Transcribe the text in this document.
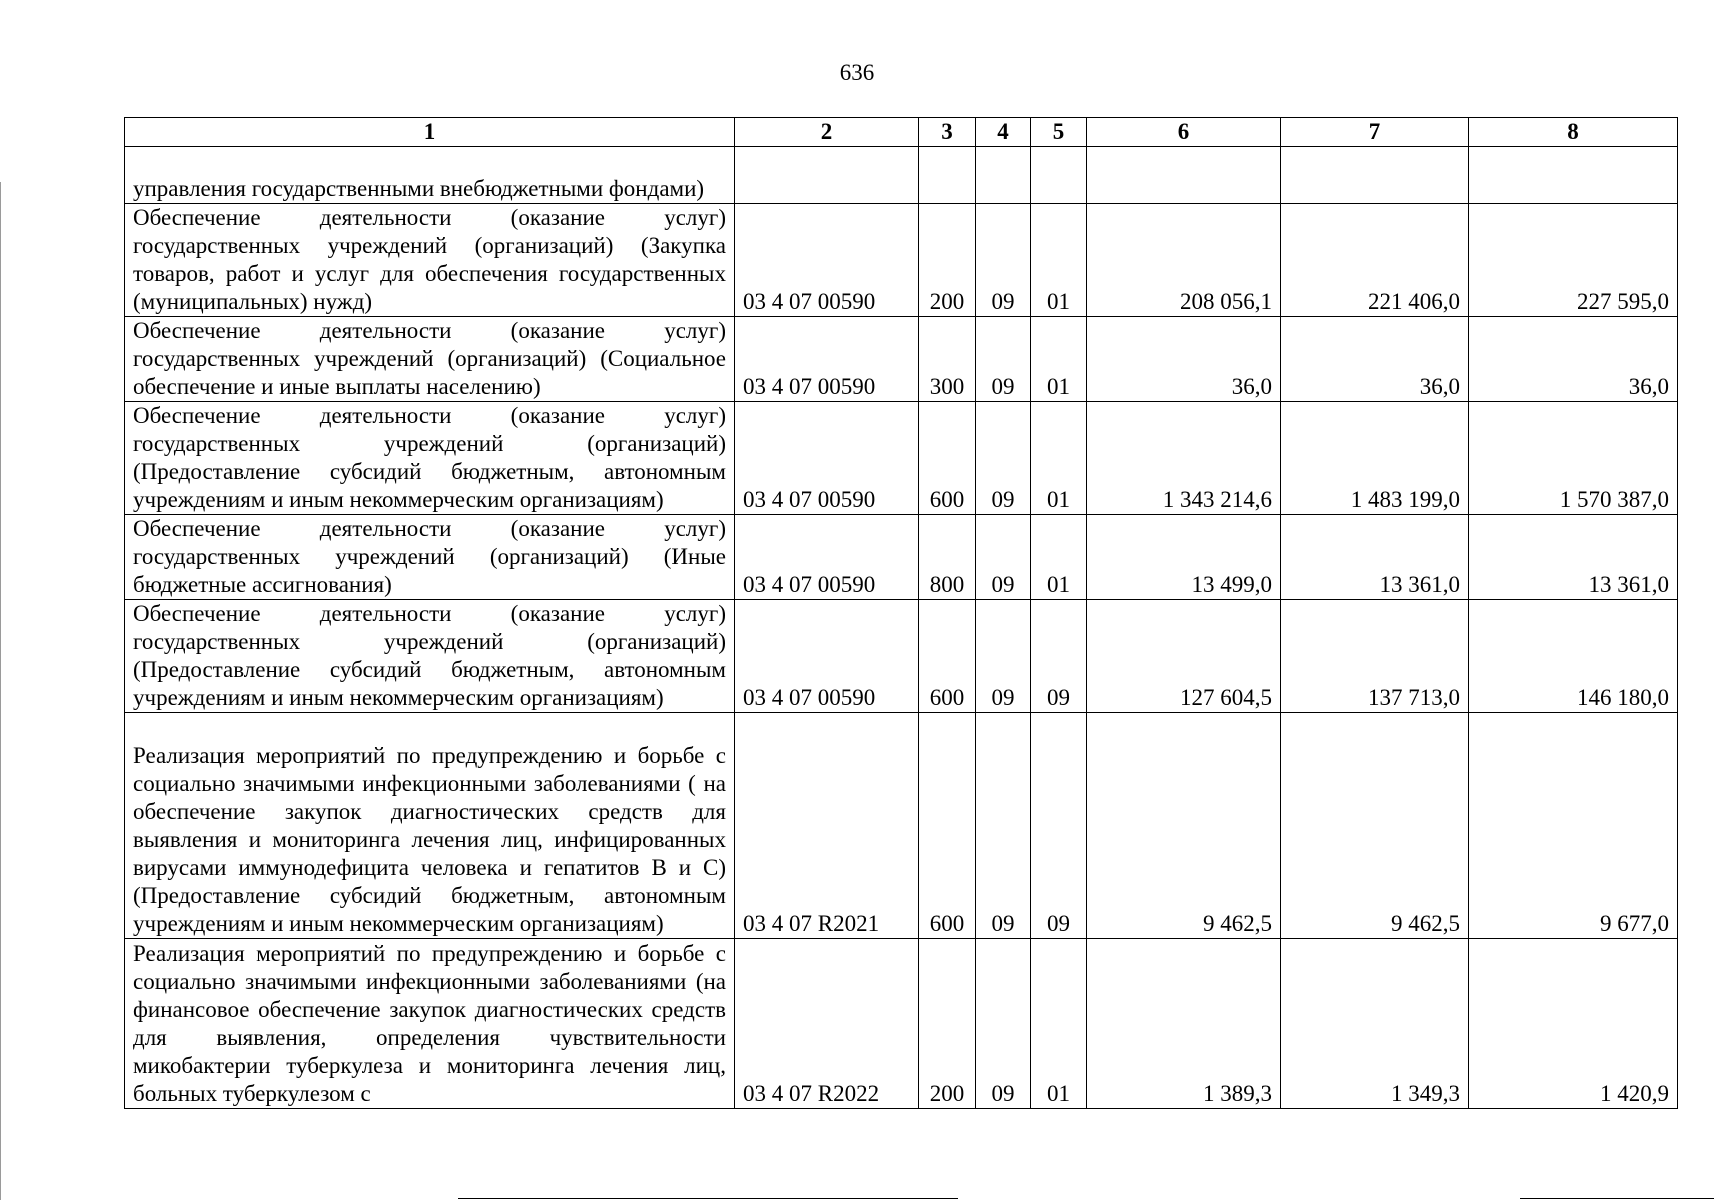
636
1	2	3	4	5	6	7	8
управления государственными внебюджетными фондами)							
Обеспечение деятельности (оказание услуг) государственных учреждений (организаций) (Закупка товаров, работ и услуг для обеспечения государственных (муниципальных) нужд)	03 4 07 00590	200	09	01	208 056,1	221 406,0	227 595,0
Обеспечение деятельности (оказание услуг) государственных учреждений (организаций) (Социальное обеспечение и иные выплаты населению)	03 4 07 00590	300	09	01	36,0	36,0	36,0
Обеспечение деятельности (оказание услуг) государственных учреждений (организаций) (Предоставление субсидий бюджетным, автономным учреждениям и иным некоммерческим организациям)	03 4 07 00590	600	09	01	1 343 214,6	1 483 199,0	1 570 387,0
Обеспечение деятельности (оказание услуг) государственных учреждений (организаций) (Иные бюджетные ассигнования)	03 4 07 00590	800	09	01	13 499,0	13 361,0	13 361,0
Обеспечение деятельности (оказание услуг) государственных учреждений (организаций) (Предоставление субсидий бюджетным, автономным учреждениям и иным некоммерческим организациям)	03 4 07 00590	600	09	09	127 604,5	137 713,0	146 180,0
Реализация мероприятий по предупреждению и борьбе с социально значимыми инфекционными заболеваниями ( на обеспечение закупок диагностических средств для выявления и мониторинга лечения лиц, инфицированных вирусами иммунодефицита человека и гепатитов B и C) (Предоставление субсидий бюджетным, автономным учреждениям и иным некоммерческим организациям)	03 4 07 R2021	600	09	09	9 462,5	9 462,5	9 677,0
Реализация мероприятий по предупреждению и борьбе с социально значимыми инфекционными заболеваниями (на финансовое обеспечение закупок диагностических средств для выявления, определения чувствительности микобактерии туберкулеза и мониторинга лечения лиц, больных туберкулезом с	03 4 07 R2022	200	09	01	1 389,3	1 349,3	1 420,9
